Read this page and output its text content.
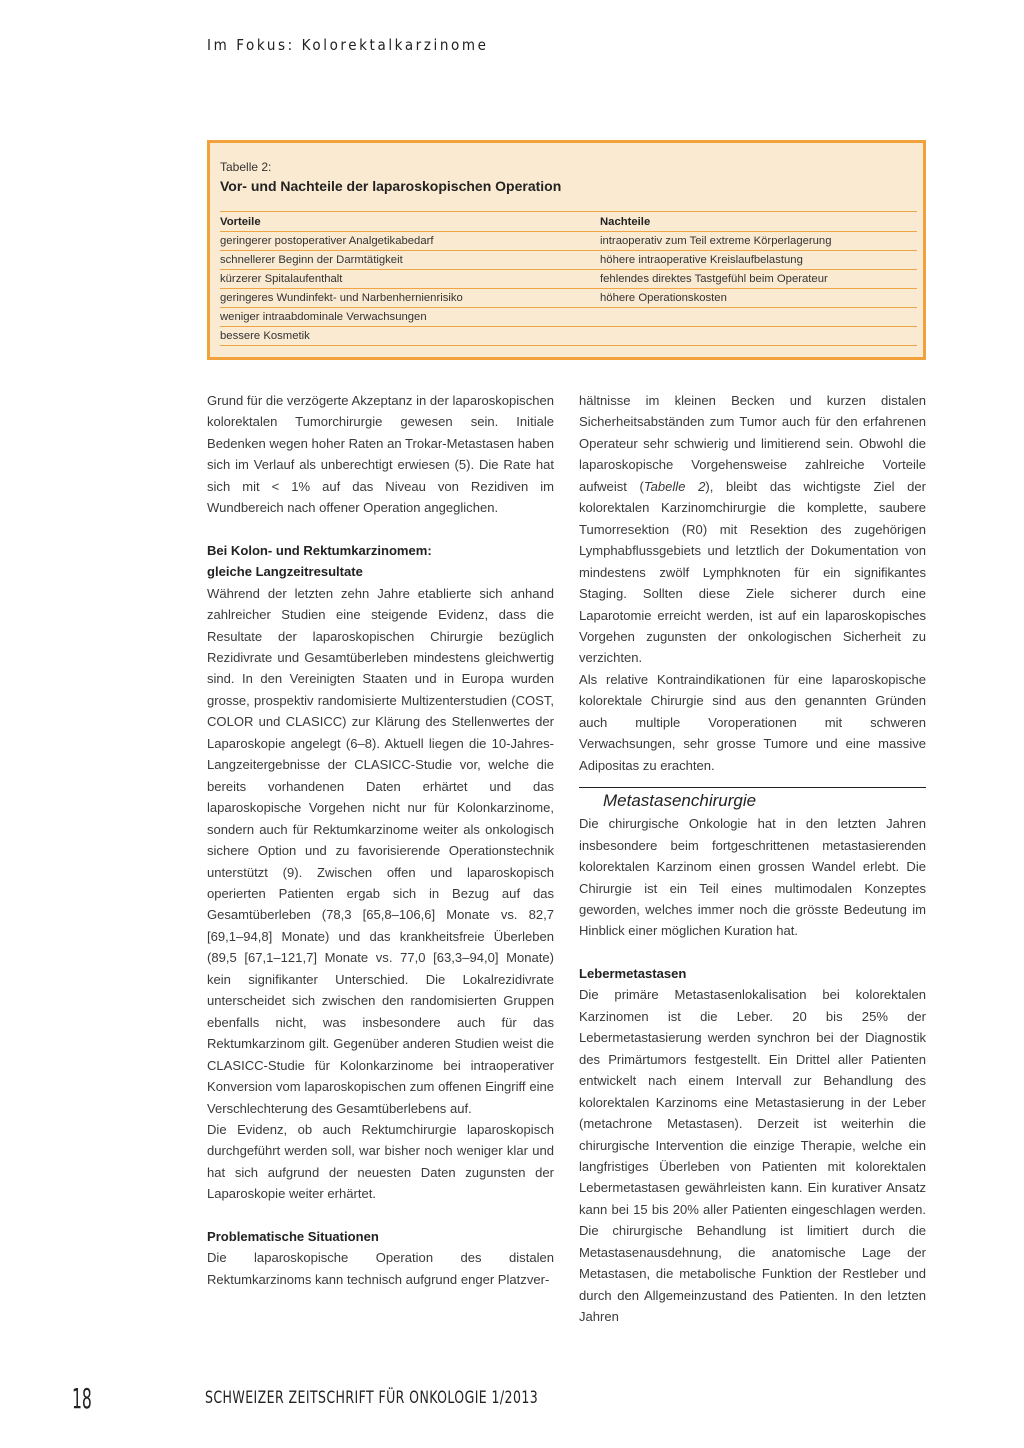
Im Fokus: Kolorektalkarzinome
Tabelle 2:
Vor- und Nachteile der laparoskopischen Operation
Vorteile	Nachteile
geringerer postoperativer Analgetikabedarf	intraoperativ zum Teil extreme Körperlagerung
schnellerer Beginn der Darmtätigkeit	höhere intraoperative Kreislaufbelastung
kürzerer Spitalaufenthalt	fehlendes direktes Tastgefühl beim Operateur
geringeres Wundinfekt- und Narbenhernienrisiko	höhere Operationskosten
weniger intraabdominale Verwachsungen	
bessere Kosmetik	

Grund für die verzögerte Akzeptanz in der laparoskopischen kolorektalen Tumorchirurgie gewesen sein. Initiale Bedenken wegen hoher Raten an Trokar-Metastasen haben sich im Verlauf als unberechtigt erwiesen (5). Die Rate hat sich mit < 1% auf das Niveau von Rezidiven im Wundbereich nach offener Operation angeglichen.

Bei Kolon- und Rektumkarzinomem:
gleiche Langzeitresultate

Während der letzten zehn Jahre etablierte sich anhand zahlreicher Studien eine steigende Evidenz, dass die Resultate der laparoskopischen Chirurgie bezüglich Rezidivrate und Gesamtüberleben mindestens gleichwertig sind. In den Vereinigten Staaten und in Europa wurden grosse, prospektiv randomisierte Multizenterstudien (COST, COLOR und CLASICC) zur Klärung des Stellenwertes der Laparoskopie angelegt (6–8). Aktuell liegen die 10-Jahres-Langzeitergebnisse der CLASICC-Studie vor, welche die bereits vorhandenen Daten erhärtet und das laparoskopische Vorgehen nicht nur für Kolonkarzinome, sondern auch für Rektumkarzinome weiter als onkologisch sichere Option und zu favorisierende Operationstechnik unterstützt (9). Zwischen offen und laparoskopisch operierten Patienten ergab sich in Bezug auf das Gesamtüberleben (78,3 [65,8–106,6] Monate vs. 82,7 [69,1–94,8] Monate) und das krankheitsfreie Überleben (89,5 [67,1–121,7] Monate vs. 77,0 [63,3–94,0] Monate) kein signifikanter Unterschied. Die Lokalrezidivrate unterscheidet sich zwischen den randomisierten Gruppen ebenfalls nicht, was insbesondere auch für das Rektumkarzinom gilt. Gegenüber anderen Studien weist die CLASICC-Studie für Kolonkarzinome bei intraoperativer Konversion vom laparoskopischen zum offenen Eingriff eine Verschlechterung des Gesamtüberlebens auf.

Die Evidenz, ob auch Rektumchirurgie laparoskopisch durchgeführt werden soll, war bisher noch weniger klar und hat sich aufgrund der neuesten Daten zugunsten der Laparoskopie weiter erhärtet.

Problematische Situationen

Die laparoskopische Operation des distalen Rektumkarzinoms kann technisch aufgrund enger Platzver-

hältnisse im kleinen Becken und kurzen distalen Sicherheitsabständen zum Tumor auch für den erfahrenen Operateur sehr schwierig und limitierend sein. Obwohl die laparoskopische Vorgehensweise zahlreiche Vorteile aufweist (Tabelle 2), bleibt das wichtigste Ziel der kolorektalen Karzinomchirurgie die komplette, saubere Tumorresektion (R0) mit Resektion des zugehörigen Lymphabflussgebiets und letztlich der Dokumentation von mindestens zwölf Lymphknoten für ein signifikantes Staging. Sollten diese Ziele sicherer durch eine Laparotomie erreicht werden, ist auf ein laparoskopisches Vorgehen zugunsten der onkologischen Sicherheit zu verzichten.

Als relative Kontraindikationen für eine laparoskopische kolorektale Chirurgie sind aus den genannten Gründen auch multiple Voroperationen mit schweren Verwachsungen, sehr grosse Tumore und eine massive Adipositas zu erachten.

Metastasenchirurgie

Die chirurgische Onkologie hat in den letzten Jahren insbesondere beim fortgeschrittenen metastasierenden kolorektalen Karzinom einen grossen Wandel erlebt. Die Chirurgie ist ein Teil eines multimodalen Konzeptes geworden, welches immer noch die grösste Bedeutung im Hinblick einer möglichen Kuration hat.

Lebermetastasen

Die primäre Metastasenlokalisation bei kolorektalen Karzinomen ist die Leber. 20 bis 25% der Lebermetastasierung werden synchron bei der Diagnostik des Primärtumors festgestellt. Ein Drittel aller Patienten entwickelt nach einem Intervall zur Behandlung des kolorektalen Karzinoms eine Metastasierung in der Leber (metachrone Metastasen). Derzeit ist weiterhin die chirurgische Intervention die einzige Therapie, welche ein langfristiges Überleben von Patienten mit kolorektalen Lebermetastasen gewährleisten kann. Ein kurativer Ansatz kann bei 15 bis 20% aller Patienten eingeschlagen werden. Die chirurgische Behandlung ist limitiert durch die Metastasenausdehnung, die anatomische Lage der Metastasen, die metabolische Funktion der Restleber und durch den Allgemeinzustand des Patienten. In den letzten Jahren

18	SCHWEIZER ZEITSCHRIFT FÜR ONKOLOGIE 1/2013
